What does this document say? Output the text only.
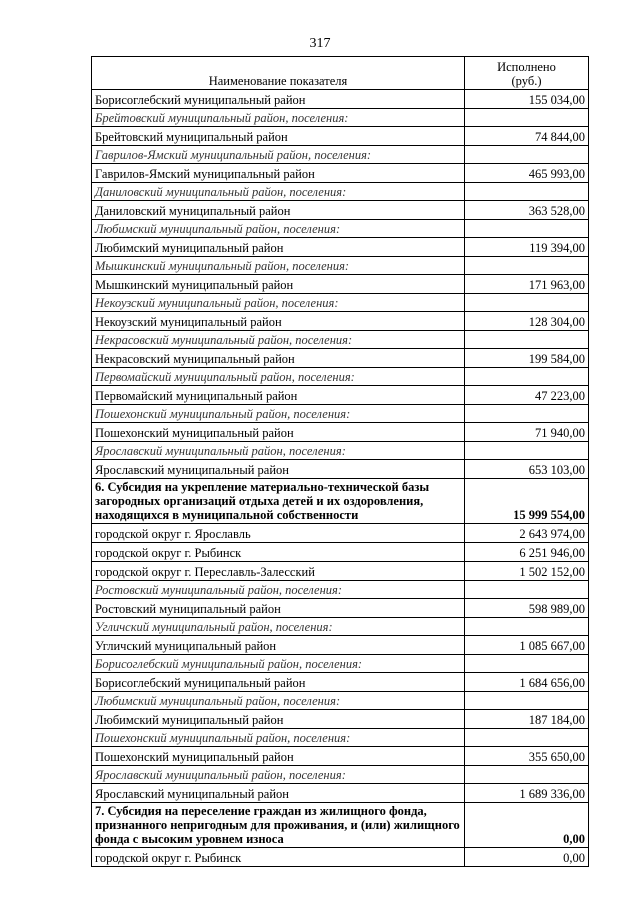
317
Наименование показателя	Исполнено
(руб.)

Борисоглебский муниципальный район	155 034,00
Брейтовский муниципальный район, поселения:	
Брейтовский муниципальный район	74 844,00
Гаврилов-Ямский муниципальный район, поселения:	
Гаврилов-Ямский муниципальный район	465 993,00
Даниловский муниципальный район, поселения:	
Даниловский муниципальный район	363 528,00
Любимский муниципальный район, поселения:	
Любимский муниципальный район	119 394,00
Мышкинский муниципальный район, поселения:	
Мышкинский муниципальный район	171 963,00
Некоузский муниципальный район, поселения:	
Некоузский муниципальный район	128 304,00
Некрасовский муниципальный район, поселения:	
Некрасовский муниципальный район	199 584,00
Первомайский муниципальный район, поселения:	
Первомайский муниципальный район	47 223,00
Пошехонский муниципальный район, поселения:	
Пошехонский муниципальный район	71 940,00
Ярославский муниципальный район, поселения:	
Ярославский муниципальный район	653 103,00
6. Субсидия на укрепление материально-технической базы загородных организаций отдыха детей и их оздоровления, находящихся в муниципальной собственности	15 999 554,00
городской округ г. Ярославль	2 643 974,00
городской округ г. Рыбинск	6 251 946,00
городской округ г. Переславль-Залесский	1 502 152,00
Ростовский муниципальный район, поселения:	
Ростовский муниципальный район	598 989,00
Угличский муниципальный район, поселения:	
Угличский муниципальный район	1 085 667,00
Борисоглебский муниципальный район, поселения:	
Борисоглебский муниципальный район	1 684 656,00
Любимский муниципальный район, поселения:	
Любимский муниципальный район	187 184,00
Пошехонский муниципальный район, поселения:	
Пошехонский муниципальный район	355 650,00
Ярославский муниципальный район, поселения:	
Ярославский муниципальный район	1 689 336,00
7. Субсидия на переселение граждан из жилищного фонда, признанного непригодным для проживания, и (или) жилищного фонда с высоким уровнем износа	0,00
городской округ г. Рыбинск	0,00
